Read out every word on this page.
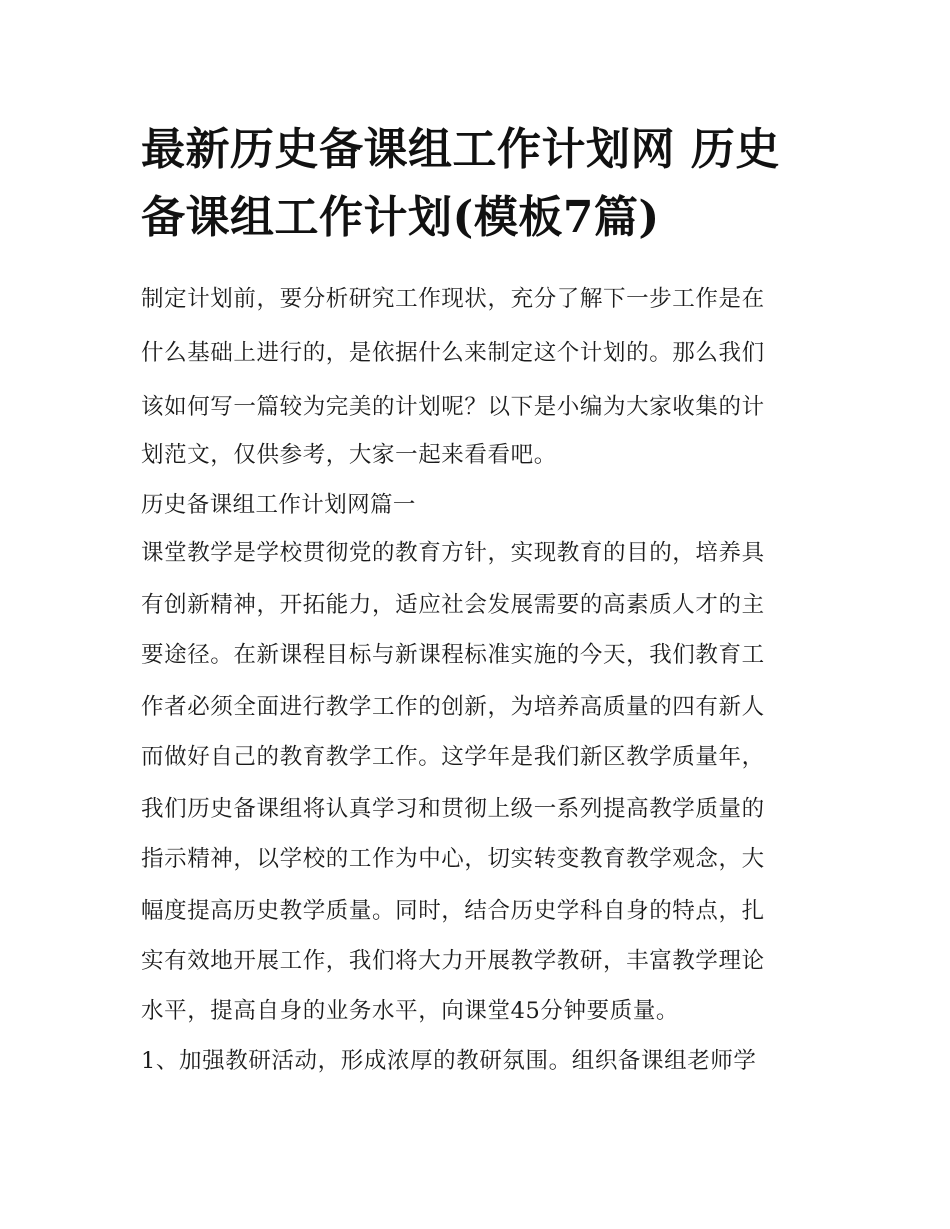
最新历史备课组工作计划网 历史备课组工作计划(模板7篇)

制定计划前，要分析研究工作现状，充分了解下一步工作是在

什么基础上进行的，是依据什么来制定这个计划的。那么我们

该如何写一篇较为完美的计划呢？以下是小编为大家收集的计

划范文，仅供参考，大家一起来看看吧。

历史备课组工作计划网篇一

课堂教学是学校贯彻党的教育方针，实现教育的目的，培养具

有创新精神，开拓能力，适应社会发展需要的高素质人才的主

要途径。在新课程目标与新课程标准实施的今天，我们教育工

作者必须全面进行教学工作的创新，为培养高质量的四有新人

而做好自己的教育教学工作。这学年是我们新区教学质量年，

我们历史备课组将认真学习和贯彻上级一系列提高教学质量的

指示精神，以学校的工作为中心，切实转变教育教学观念，大

幅度提高历史教学质量。同时，结合历史学科自身的特点，扎

实有效地开展工作，我们将大力开展教学教研，丰富教学理论

水平，提高自身的业务水平，向课堂45分钟要质量。

1、加强教研活动，形成浓厚的教研氛围。组织备课组老师学
